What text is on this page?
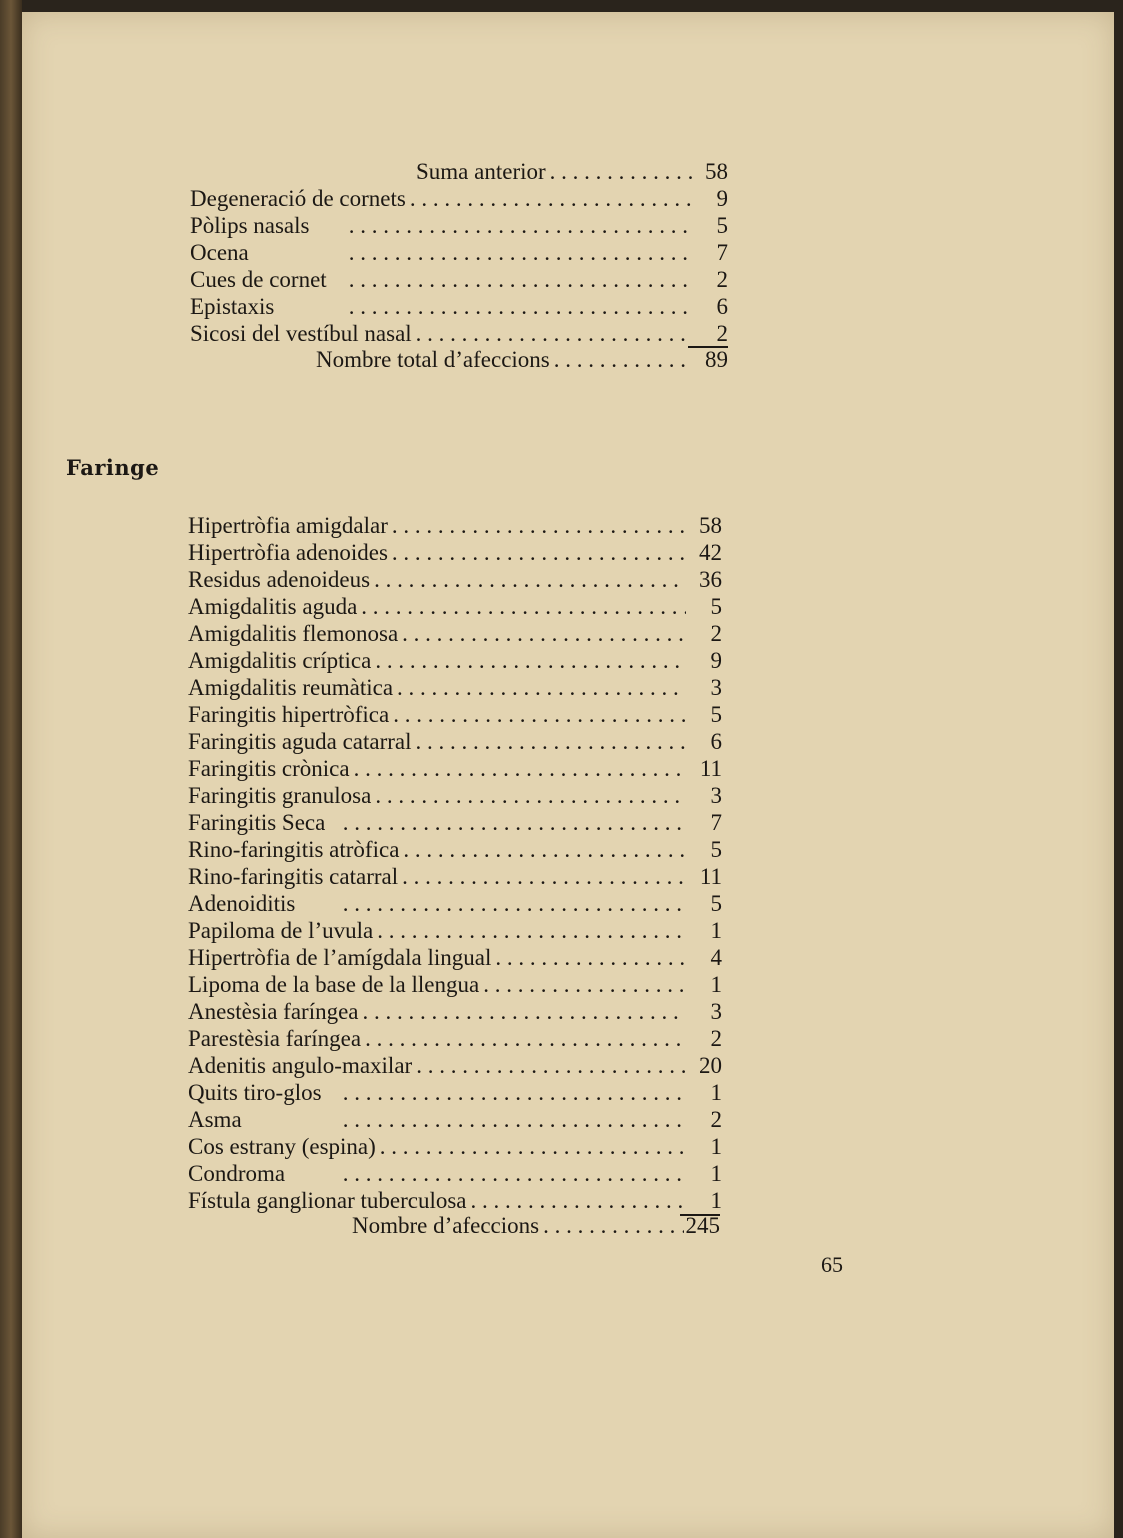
Suma anterior . .	58
Degeneració de cornets . .	9
Pòlips nasals . .	5
Ocena . .	7
Cues de cornet . .	2
Epistaxis . .	6
Sicosi del vestíbul nasal . .	2
Nombre total d’afeccions . .	89
Faringe
Hipertròfia amigdalar . .	58
Hipertròfia adenoides . .	42
Residus adenoideus . .	36
Amigdalitis aguda . .	5
Amigdalitis flemonosa . .	2
Amigdalitis críptica . .	9
Amigdalitis reumàtica . .	3
Faringitis hipertròfica . .	5
Faringitis aguda catarral . .	6
Faringitis crònica . .	11
Faringitis granulosa . .	3
Faringitis Seca . .	7
Rino-faringitis atròfica . .	5
Rino-faringitis catarral . .	11
Adenoiditis . .	5
Papiloma de l’uvula . .	1
Hipertròfia de l’amígdala lingual . .	4
Lipoma de la base de la llengua . .	1
Anestèsia faríngea . .	3
Parestèsia faríngea . .	2
Adenitis angulo-maxilar . .	20
Quits tiro-glos . .	1
Asma . .	2
Cos estrany (espina) . .	1
Condroma . .	1
Fístula ganglionar tuberculosa . .	1
Nombre d’afeccions . .	245
65
